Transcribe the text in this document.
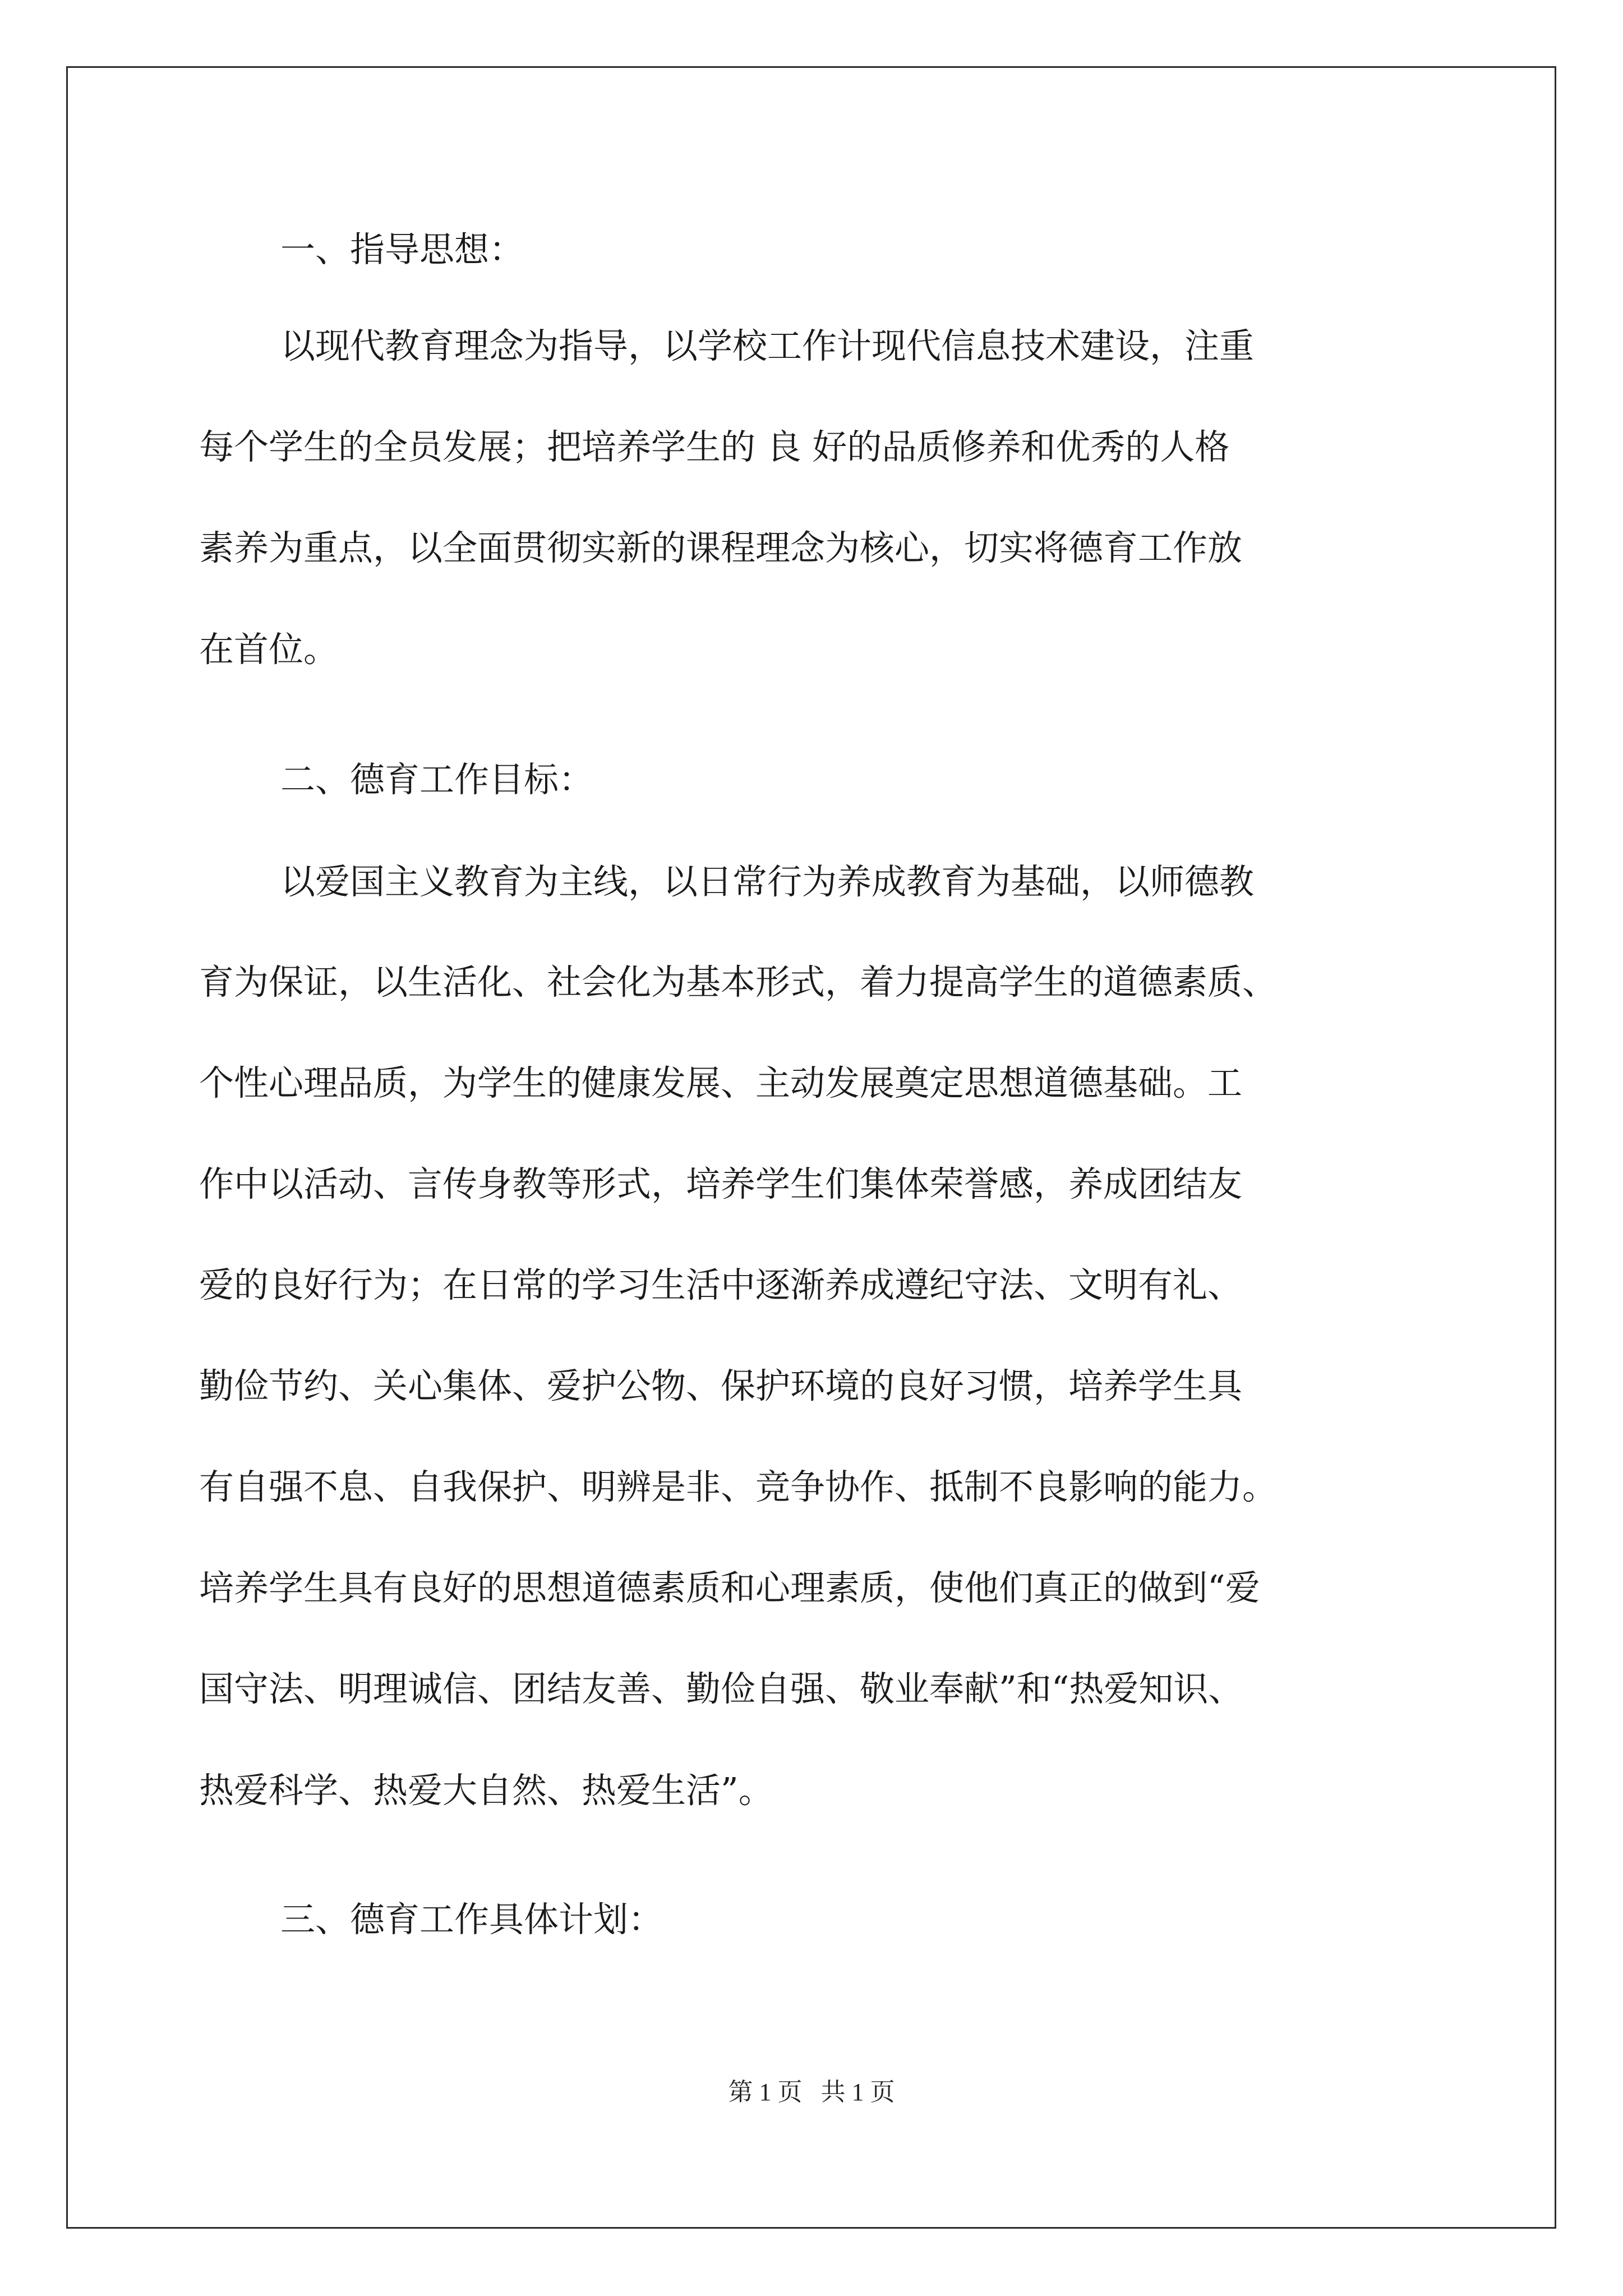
一、指导思想：

以现代教育理念为指导，以学校工作计现代信息技术建设，注重

每个学生的全员发展；把培养学生的 良 好的品质修养和优秀的人格

素养为重点，以全面贯彻实新的课程理念为核心，切实将德育工作放

在首位。

二、德育工作目标：

以爱国主义教育为主线，以日常行为养成教育为基础，以师德教

育为保证，以生活化、社会化为基本形式，着力提高学生的道德素质、

个性心理品质，为学生的健康发展、主动发展奠定思想道德基础。工

作中以活动、言传身教等形式，培养学生们集体荣誉感，养成团结友

爱的良好行为；在日常的学习生活中逐渐养成遵纪守法、文明有礼、

勤俭节约、关心集体、爱护公物、保护环境的良好习惯，培养学生具

有自强不息、自我保护、明辨是非、竞争协作、抵制不良影响的能力。

培养学生具有良好的思想道德素质和心理素质，使他们真正的做到“爱

国守法、明理诚信、团结友善、勤俭自强、敬业奉献”和“热爱知识、

热爱科学、热爱大自然、热爱生活”。

三、德育工作具体计划：

第 1 页 共 1 页
